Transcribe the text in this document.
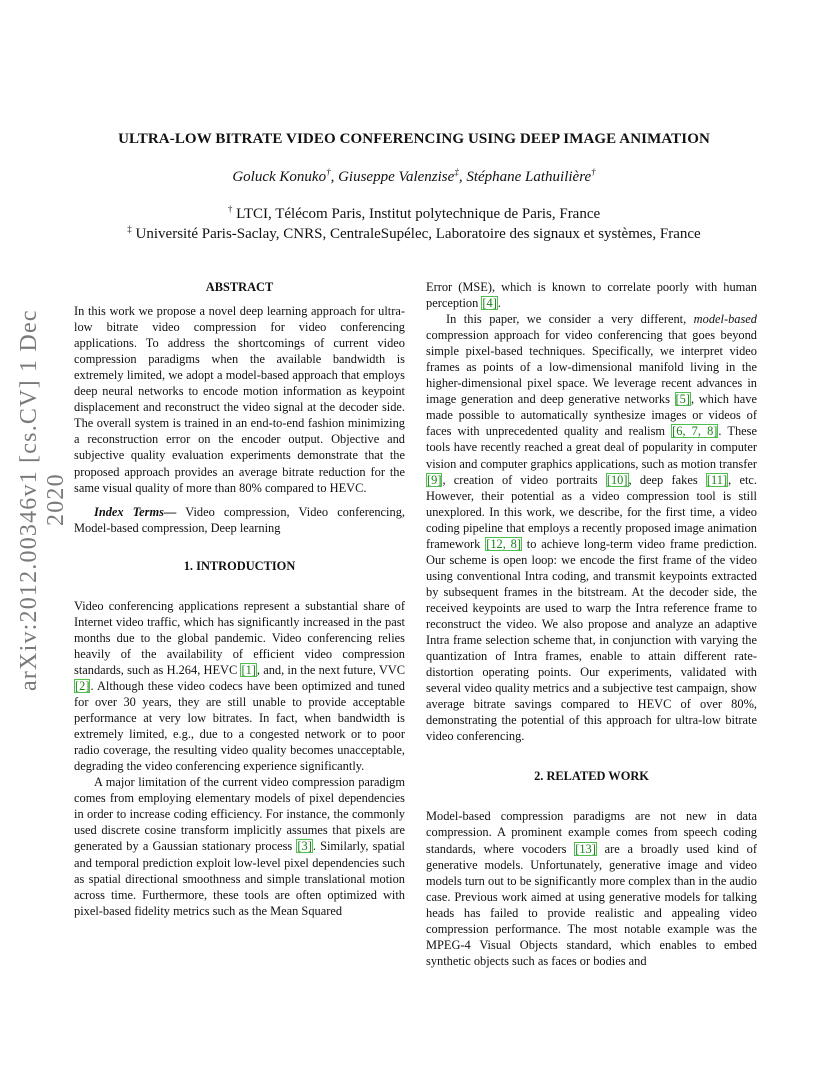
arXiv:2012.00346v1 [cs.CV] 1 Dec 2020
ULTRA-LOW BITRATE VIDEO CONFERENCING USING DEEP IMAGE ANIMATION
Goluck Konuko†, Giuseppe Valenzise‡, Stéphane Lathuilière†
† LTCI, Télécom Paris, Institut polytechnique de Paris, France
‡ Université Paris-Saclay, CNRS, CentraleSupélec, Laboratoire des signaux et systèmes, France

ABSTRACT

In this work we propose a novel deep learning approach for ultra-low bitrate video compression for video conferencing applications. To address the shortcomings of current video compression paradigms when the available bandwidth is extremely limited, we adopt a model-based approach that employs deep neural networks to encode motion information as keypoint displacement and reconstruct the video signal at the decoder side. The overall system is trained in an end-to-end fashion minimizing a reconstruction error on the encoder output. Objective and subjective quality evaluation experiments demonstrate that the proposed approach provides an average bitrate reduction for the same visual quality of more than 80% compared to HEVC.

Index Terms— Video compression, Video conferencing, Model-based compression, Deep learning

1. INTRODUCTION

Video conferencing applications represent a substantial share of Internet video traffic, which has significantly increased in the past months due to the global pandemic. Video conferencing relies heavily of the availability of efficient video compression standards, such as H.264, HEVC [1], and, in the next future, VVC [2]. Although these video codecs have been optimized and tuned for over 30 years, they are still unable to provide acceptable performance at very low bitrates. In fact, when bandwidth is extremely limited, e.g., due to a congested network or to poor radio coverage, the resulting video quality becomes unacceptable, degrading the video conferencing experience significantly.

A major limitation of the current video compression paradigm comes from employing elementary models of pixel dependencies in order to increase coding efficiency. For instance, the commonly used discrete cosine transform implicitly assumes that pixels are generated by a Gaussian stationary process [3]. Similarly, spatial and temporal prediction exploit low-level pixel dependencies such as spatial directional smoothness and simple translational motion across time. Furthermore, these tools are often optimized with pixel-based fidelity metrics such as the Mean Squared

Error (MSE), which is known to correlate poorly with human perception [4].

In this paper, we consider a very different, model-based compression approach for video conferencing that goes beyond simple pixel-based techniques. Specifically, we interpret video frames as points of a low-dimensional manifold living in the higher-dimensional pixel space. We leverage recent advances in image generation and deep generative networks [5], which have made possible to automatically synthesize images or videos of faces with unprecedented quality and realism [6, 7, 8]. These tools have recently reached a great deal of popularity in computer vision and computer graphics applications, such as motion transfer [9], creation of video portraits [10], deep fakes [11], etc. However, their potential as a video compression tool is still unexplored. In this work, we describe, for the first time, a video coding pipeline that employs a recently proposed image animation framework [12, 8] to achieve long-term video frame prediction. Our scheme is open loop: we encode the first frame of the video using conventional Intra coding, and transmit keypoints extracted by subsequent frames in the bitstream. At the decoder side, the received keypoints are used to warp the Intra reference frame to reconstruct the video. We also propose and analyze an adaptive Intra frame selection scheme that, in conjunction with varying the quantization of Intra frames, enable to attain different rate-distortion operating points. Our experiments, validated with several video quality metrics and a subjective test campaign, show average bitrate savings compared to HEVC of over 80%, demonstrating the potential of this approach for ultra-low bitrate video conferencing.

2. RELATED WORK

Model-based compression paradigms are not new in data compression. A prominent example comes from speech coding standards, where vocoders [13] are a broadly used kind of generative models. Unfortunately, generative image and video models turn out to be significantly more complex than in the audio case. Previous work aimed at using generative models for talking heads has failed to provide realistic and appealing video compression performance. The most notable example was the MPEG-4 Visual Objects standard, which enables to embed synthetic objects such as faces or bodies and
